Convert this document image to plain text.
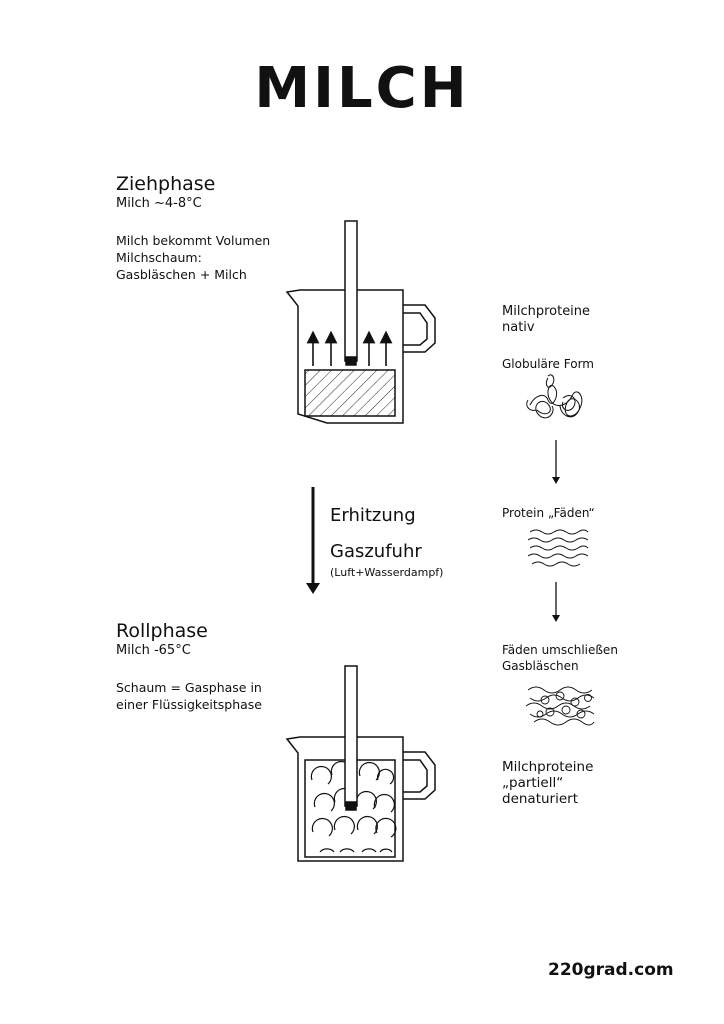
MILCH
Ziehphase
Milch ~4-8°C
Milch bekommt Volumen
Milchschaum:
Gasbläschen + Milch
Erhitzung
Gaszufuhr
(Luft+Wasserdampf)
Rollphase
Milch -65°C
Schaum = Gasphase in
einer Flüssigkeitsphase
Milchproteine
nativ
Globuläre Form
Protein „Fäden“
Fäden umschließen
Gasbläschen
Milchproteine
„partiell“
denaturiert
220grad.com
